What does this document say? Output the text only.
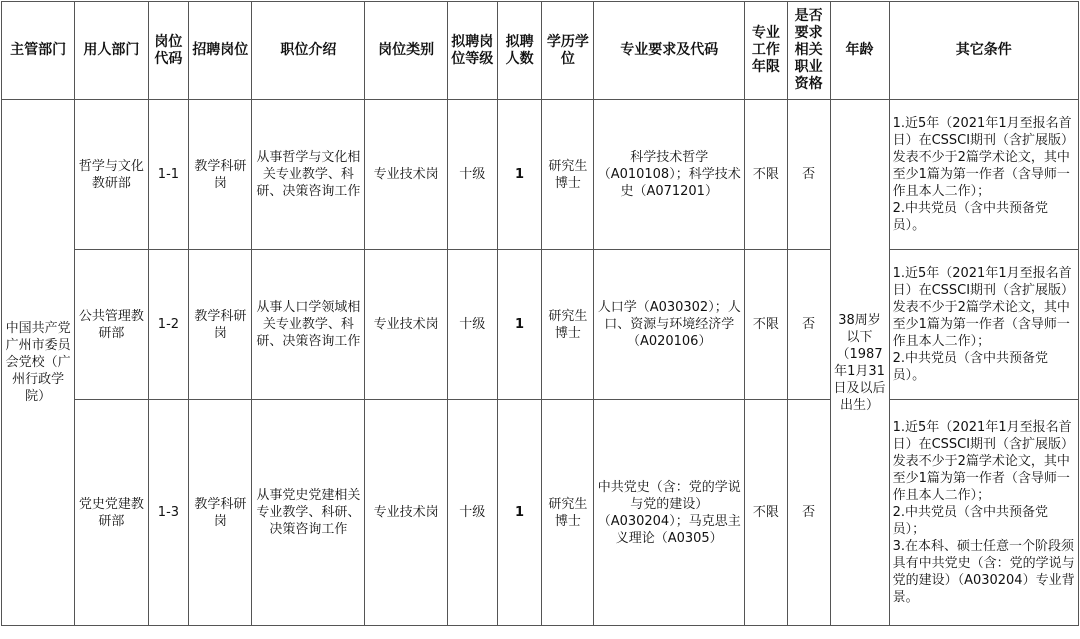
主管部门	用人部门	岗位代码	招聘岗位	职位介绍	岗位类别	拟聘岗位等级	拟聘人数	学历学位	专业要求及代码	专业工作年限	是否要求相关职业资格	年龄	其它条件
中国共产党广州市委员会党校（广州行政学院）	哲学与文化教研部	1-1	教学科研岗	从事哲学与文化相关专业教学、科研、决策咨询工作	专业技术岗	十级	1	研究生博士	科学技术哲学（A010108）；科学技术史（A071201）	不限	否	38周岁以下（1987年1月31日及以后出生）	1.近5年（2021年1月至报名首日）在CSSCI期刊（含扩展版）发表不少于2篇学术论文，其中至少1篇为第一作者（含导师一作且本人二作）；
2.中共党员（含中共预备党员）。

	公共管理教研部	1-2	教学科研岗	从事人口学领域相关专业教学、科研、决策咨询工作	专业技术岗	十级	1	研究生博士	人口学（A030302）；人口、资源与环境经济学（A020106）	不限	否		1.近5年（2021年1月至报名首日）在CSSCI期刊（含扩展版）发表不少于2篇学术论文，其中至少1篇为第一作者（含导师一作且本人二作）；
2.中共党员（含中共预备党员）。

	党史党建教研部	1-3	教学科研岗	从事党史党建相关专业教学、科研、决策咨询工作	专业技术岗	十级	1	研究生博士	中共党史（含：党的学说与党的建设）（A030204）；马克思主义理论（A0305）	不限	否		1.近5年（2021年1月至报名首日）在CSSCI期刊（含扩展版）发表不少于2篇学术论文，其中至少1篇为第一作者（含导师一作且本人二作）；
2.中共党员（含中共预备党员）；
3.在本科、硕士任意一个阶段须具有中共党史（含：党的学说与党的建设）（A030204）专业背景。
